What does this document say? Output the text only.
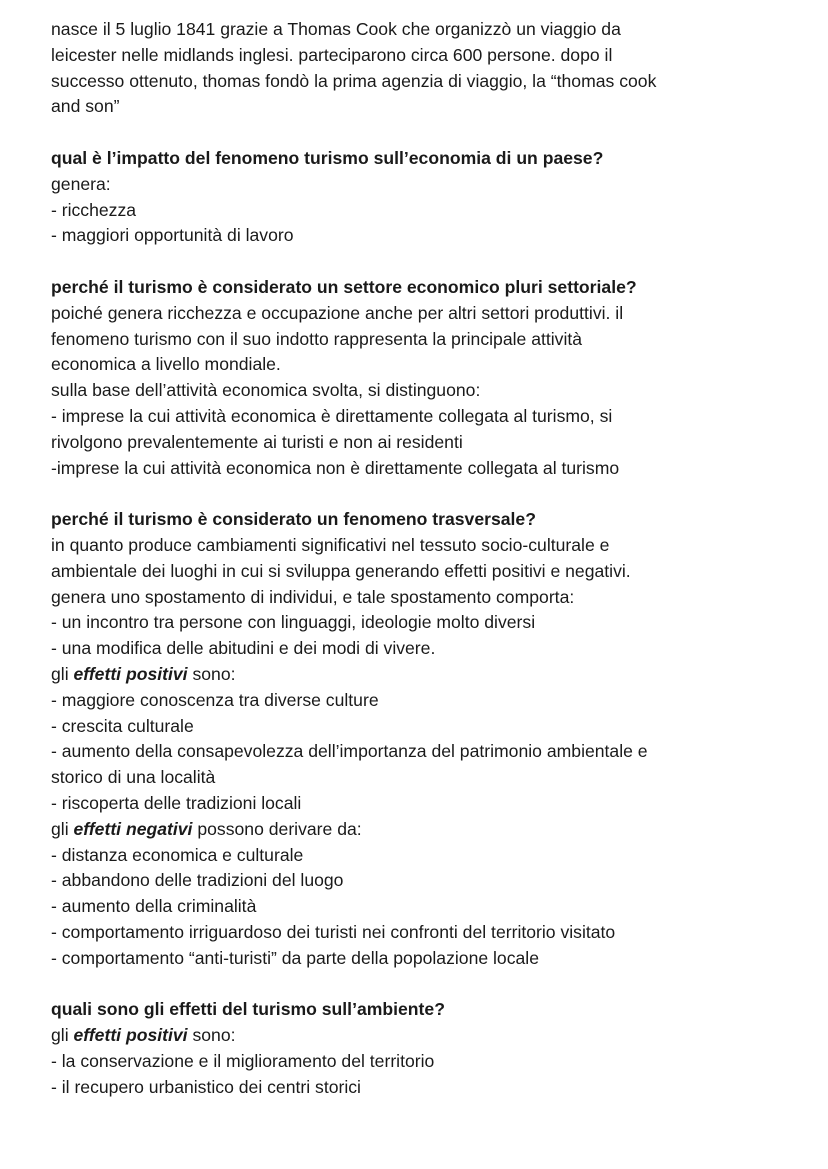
nasce il 5 luglio 1841 grazie a Thomas Cook che organizzò un viaggio da
leicester nelle midlands inglesi. parteciparono circa 600 persone. dopo il
successo ottenuto, thomas fondò la prima agenzia di viaggio, la “thomas cook
and son”
qual è l’impatto del fenomeno turismo sull’economia di un paese?
genera:
- ricchezza
- maggiori opportunità di lavoro
perché il turismo è considerato un settore economico pluri settoriale?
poiché genera ricchezza e occupazione anche per altri settori produttivi. il
fenomeno turismo con il suo indotto rappresenta la principale attività
economica a livello mondiale.
sulla base dell’attività economica svolta, si distinguono:
- imprese la cui attività economica è direttamente collegata al turismo, si
rivolgono prevalentemente ai turisti e non ai residenti
-imprese la cui attività economica non è direttamente collegata al turismo
perché il turismo è considerato un fenomeno trasversale?
in quanto produce cambiamenti significativi nel tessuto socio-culturale e
ambientale dei luoghi in cui si sviluppa generando effetti positivi e negativi.
genera uno spostamento di individui, e tale spostamento comporta:
- un incontro tra persone con linguaggi, ideologie molto diversi
- una modifica delle abitudini e dei modi di vivere.
gli effetti positivi sono:
- maggiore conoscenza tra diverse culture
- crescita culturale
- aumento della consapevolezza dell’importanza del patrimonio ambientale e
storico di una località
- riscoperta delle tradizioni locali
gli effetti negativi possono derivare da:
- distanza economica e culturale
- abbandono delle tradizioni del luogo
- aumento della criminalità
- comportamento irriguardoso dei turisti nei confronti del territorio visitato
- comportamento “anti-turisti” da parte della popolazione locale
quali sono gli effetti del turismo sull’ambiente?
gli effetti positivi sono:
- la conservazione e il miglioramento del territorio
- il recupero urbanistico dei centri storici
